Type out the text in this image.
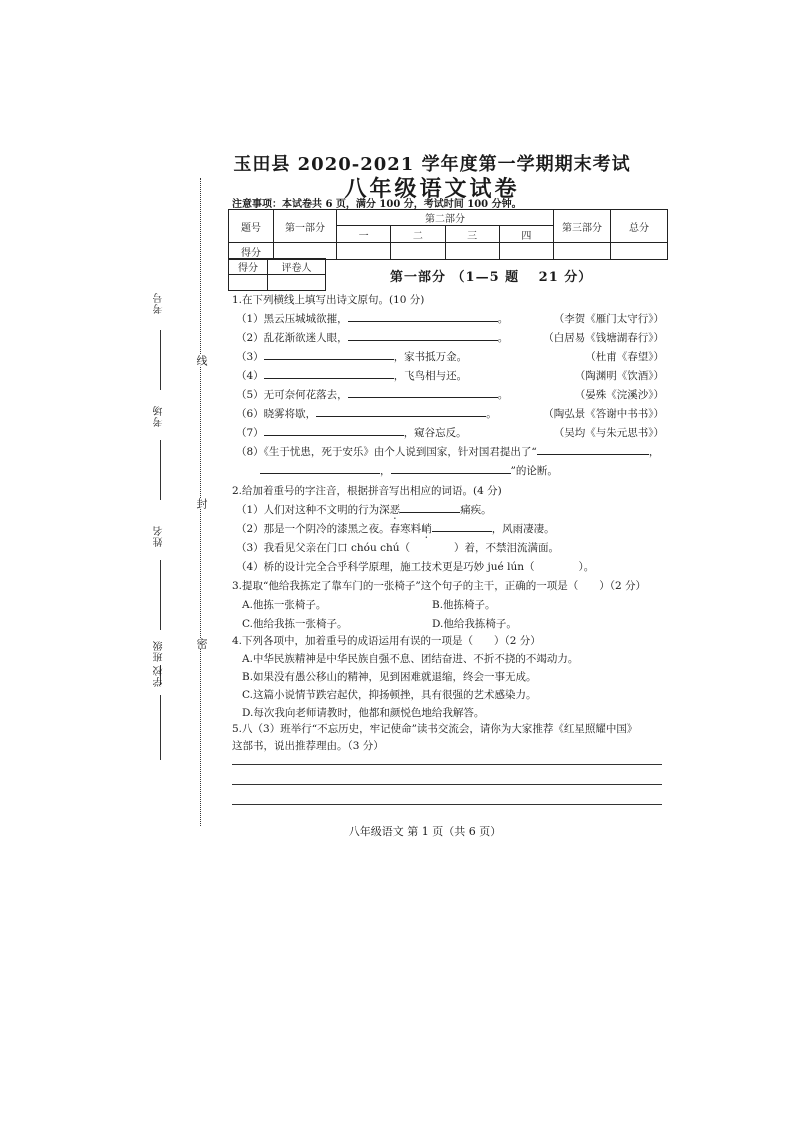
考号
考场
姓名
班级
学校
线
封
密
玉田县 2020-2021 学年度第一学期期末考试
八年级语文试卷
注意事项：本试卷共 6 页，满分 100 分，考试时间 100 分钟。
题号	第一部分	第二部分				第三部分	总分
		一	二	三	四		
得分							
得分	评卷人

第一部分 （1—5 题　 21 分）
1.在下列横线上填写出诗文原句。(10 分)
（1）黑云压城城欲摧，	。	（李贺《雁门太守行》）
（2）乱花渐欲迷人眼，	。	（白居易《钱塘湖春行》）
（3）	，家书抵万金。	（杜甫《春望》）
（4）	，飞鸟相与还。	（陶渊明《饮酒》）
（5）无可奈何花落去，	。	（晏殊《浣溪沙》）
（6）晓雾将歇，	。	（陶弘景《答谢中书书》）
（7）	，窥谷忘反。	（吴均《与朱元思书》）
（8）《生于忧患，死于安乐》由个人说到国家，针对国君提出了“	，
，	”的论断。
2.给加着重号的字注音，根据拼音写出相应的词语。(4 分)
（1）人们对这种不文明的行为深恶	痛疾。
（2）那是一个阴冷的漆黑之夜。春寒料峭	，风雨凄凄。
（3）我看见父亲在门口 chóu chú（	）着，不禁泪流满面。
（4）桥的设计完全合乎科学原理，施工技术更是巧妙 jué lún（	）。
3.提取“他给我拣定了靠车门的一张椅子”这个句子的主干，正确的一项是（　　）（2 分）
A.他拣一张椅子。	B.他拣椅子。
C.他给我拣一张椅子。	D.他给我拣椅子。
4.下列各项中，加着重号的成语运用有误的一项是（　　）（2 分）
A.中华民族精神是中华民族自强不息、团结奋进、不折不挠的不竭动力。
B.如果没有愚公移山的精神，见到困难就退缩，终会一事无成。
C.这篇小说情节跌宕起伏，抑扬顿挫，具有很强的艺术感染力。
D.每次我向老师请教时，他都和颜悦色地给我解答。
5.八（3）班举行“不忘历史，牢记使命”读书交流会，请你为大家推荐《红星照耀中国》
这部书，说出推荐理由。（3 分）
八年级语文 第 1 页（共 6 页）
